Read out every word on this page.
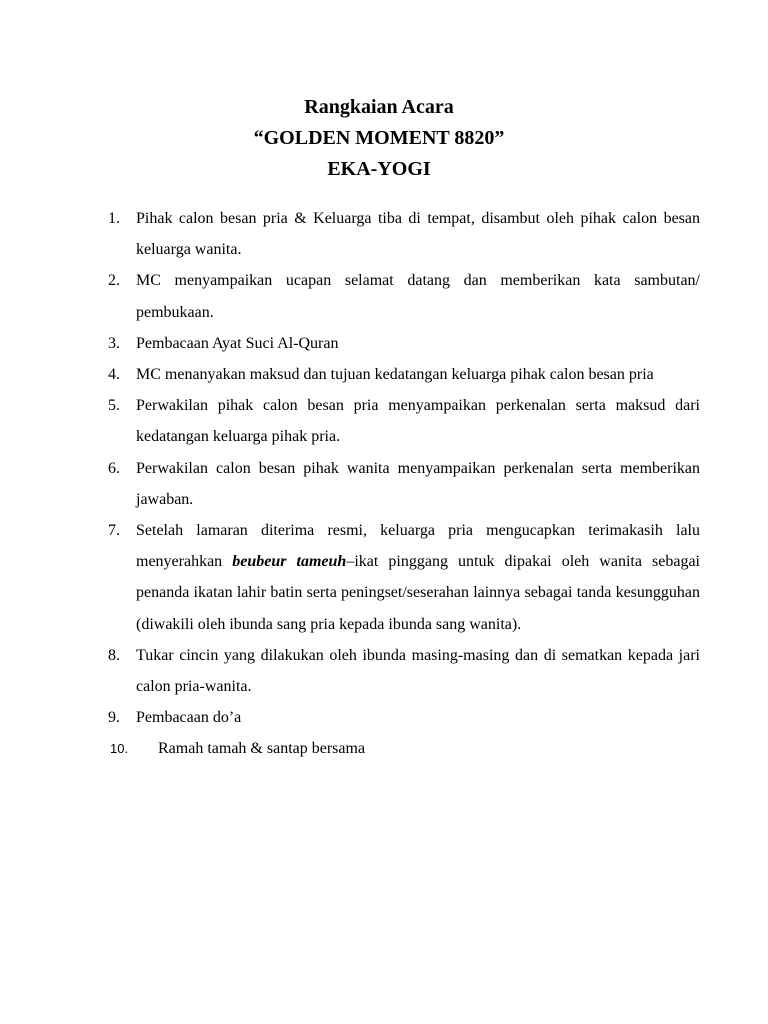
Rangkaian Acara
“GOLDEN MOMENT 8820”
EKA-YOGI
1. Pihak calon besan pria & Keluarga tiba di tempat, disambut oleh pihak calon besan keluarga wanita.
2. MC menyampaikan ucapan selamat datang dan memberikan kata sambutan/ pembukaan.
3. Pembacaan Ayat Suci Al-Quran
4. MC menanyakan maksud dan tujuan kedatangan keluarga pihak calon besan pria
5. Perwakilan pihak calon besan pria menyampaikan perkenalan serta maksud dari kedatangan keluarga pihak pria.
6. Perwakilan calon besan pihak wanita menyampaikan perkenalan serta memberikan jawaban.
7. Setelah lamaran diterima resmi, keluarga pria mengucapkan terimakasih lalu menyerahkan beubeur tameuh–ikat pinggang untuk dipakai oleh wanita sebagai penanda ikatan lahir batin serta peningset/seserahan lainnya sebagai tanda kesungguhan (diwakili oleh ibunda sang pria kepada ibunda sang wanita).
8. Tukar cincin yang dilakukan oleh ibunda masing-masing dan di sematkan kepada jari calon pria-wanita.
9. Pembacaan do’a
10. Ramah tamah & santap bersama
